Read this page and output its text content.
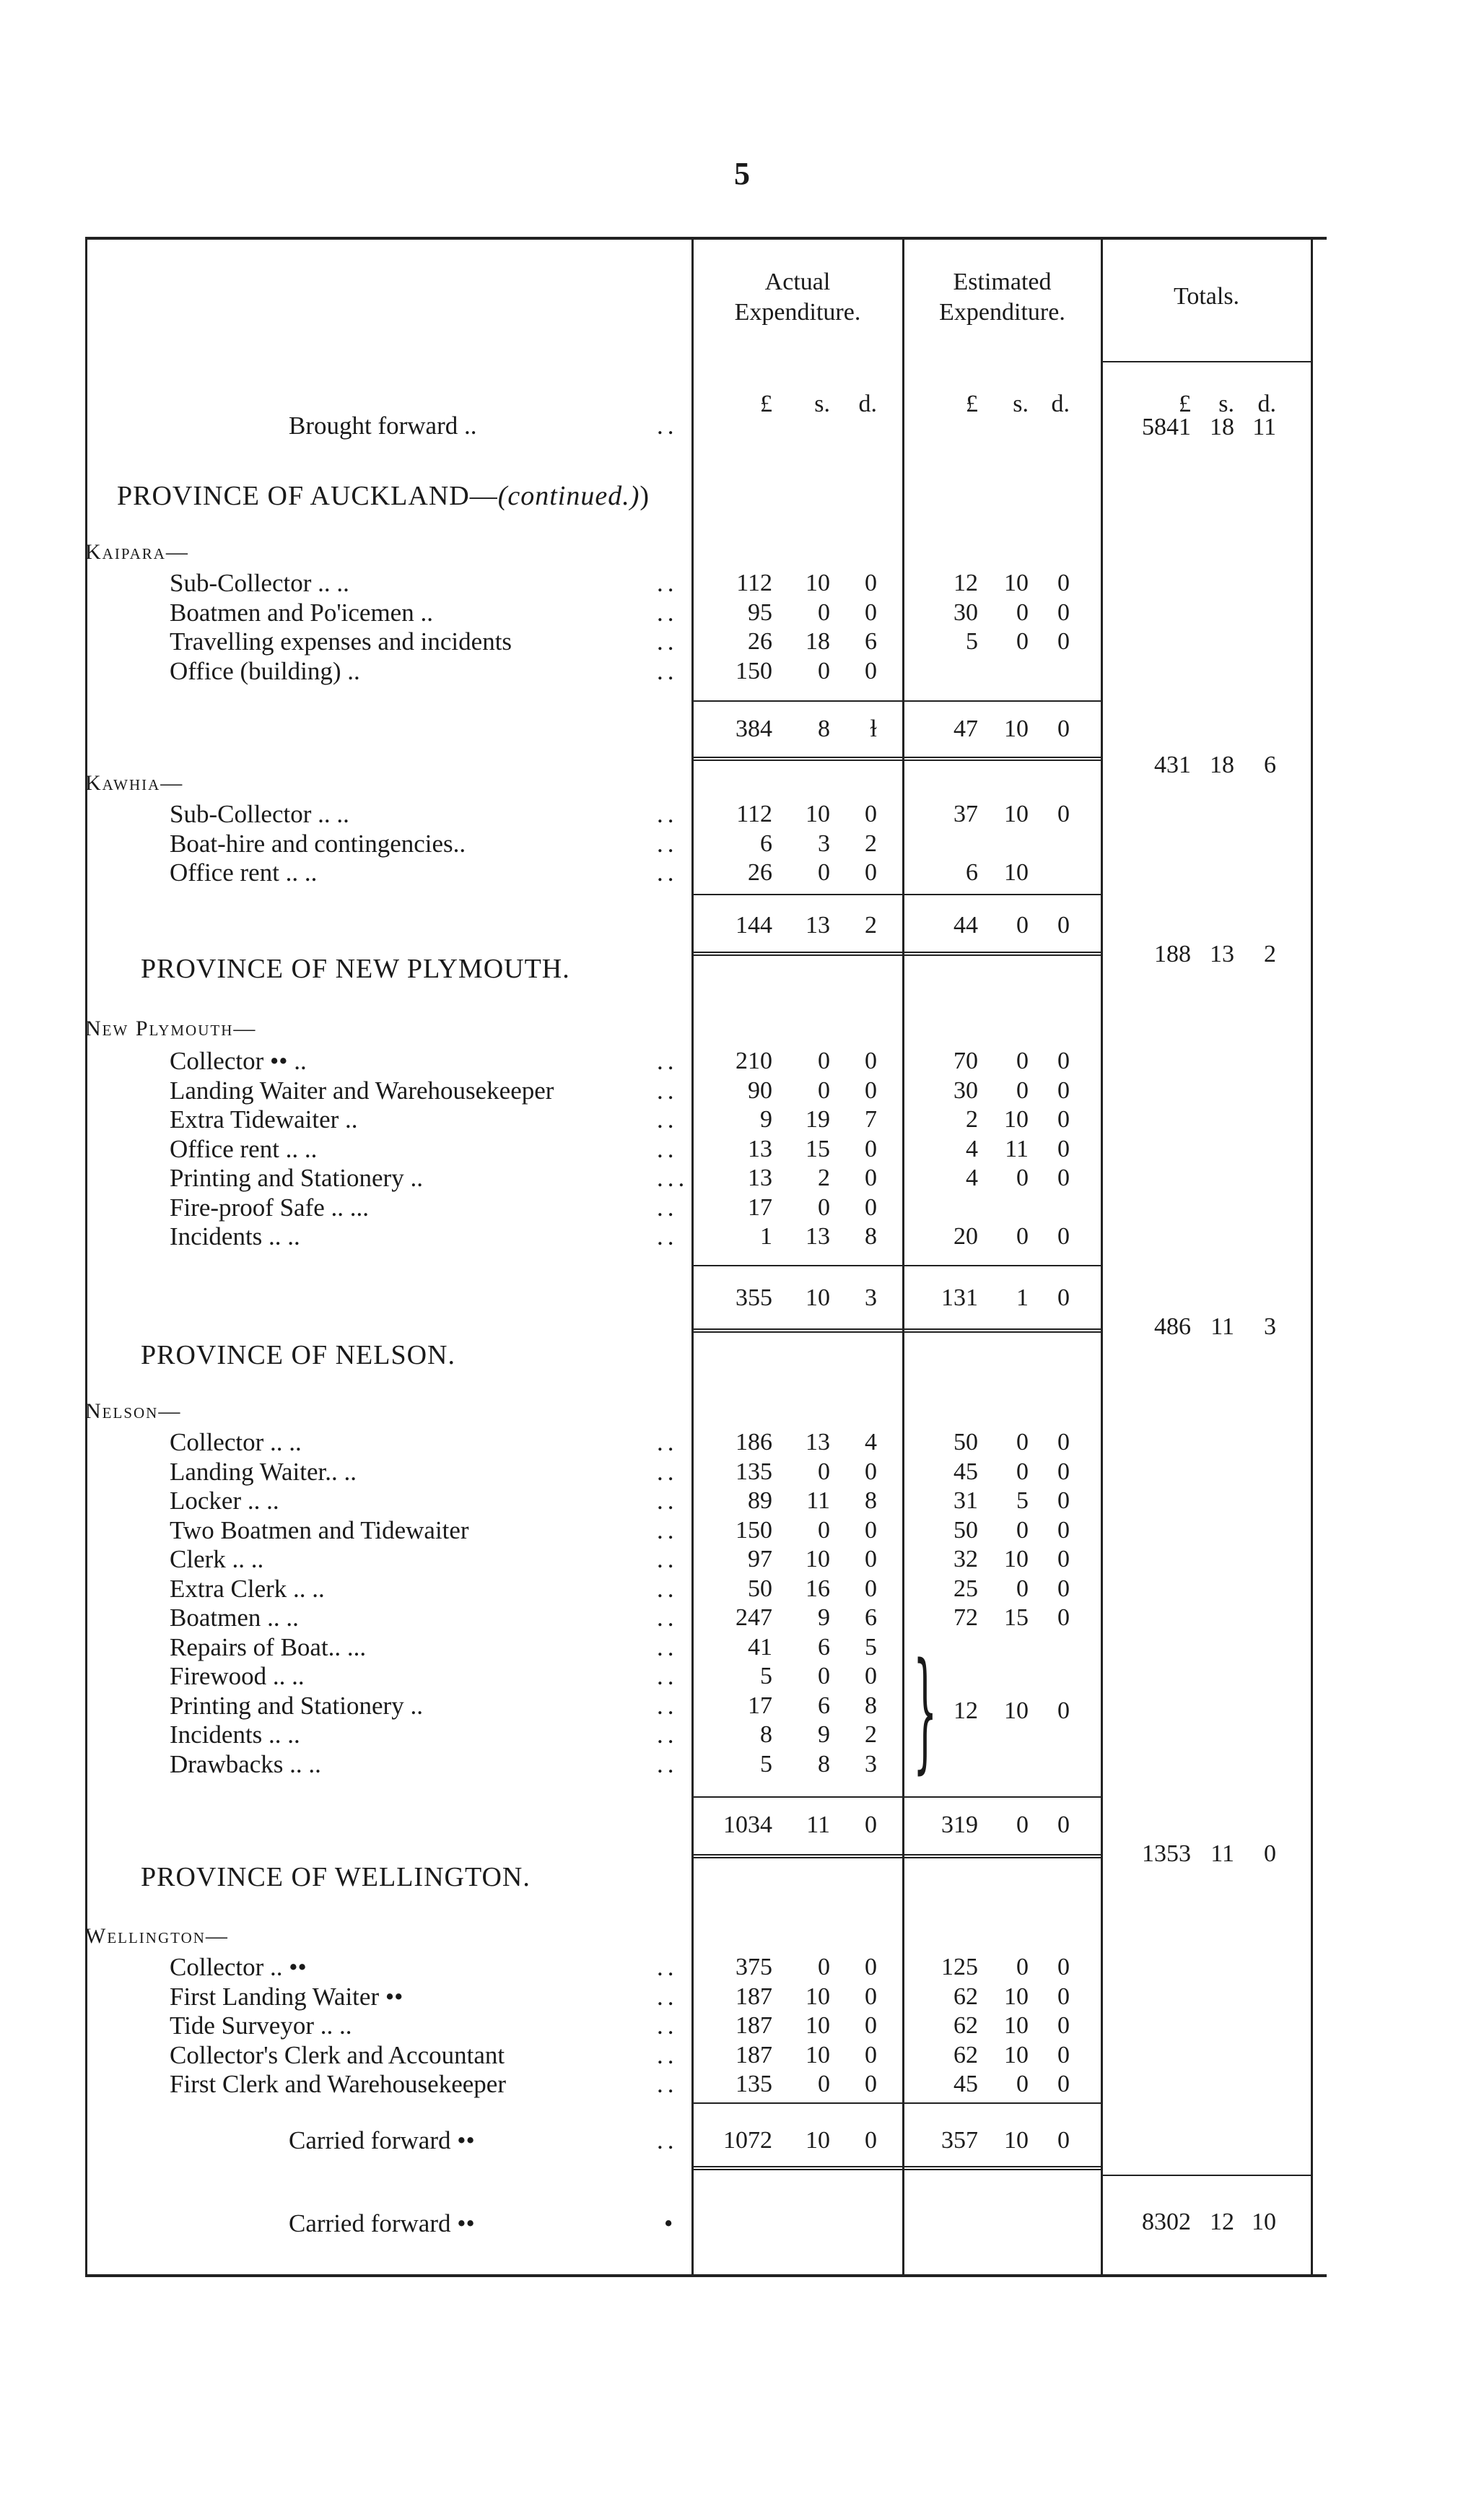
5
Actual
Expenditure.
Estimated
Expenditure.
Totals.
£	s.	d.	£	s. d.	£	s. d.
Brought forward ..	..	5841 18 11
PROVINCE OF AUCKLAND—(continued.))
Kaipara—
Sub-Collector .. ..	..	112	10	0	12	10	0
Boatmen and Po'icemen ..	..	95	0	0	30	0	0
Travelling expenses and incidents	..	26	18	6	5	0	0
Office (building) ..	..	150	0	0
384	8	ɫ	47	10	0
431 18	6
Kawhia—
Sub-Collector .. ..	..	112	10	0	37	10	0
Boat-hire and contingencies..	..	6	3	2
Office rent .. ..	..	26	0	0	6	10
144	13	2	44	0	0
188 13	2
PROVINCE OF NEW PLYMOUTH.
New Plymouth—
Collector •• ..	..	210	0	0	70	0	0
Landing Waiter and Warehousekeeper	..	90	0	0	30	0	0
Extra Tidewaiter ..	..	9	19	7	2	10	0
Office rent .. ..	..	13	15	0	4	11	0
Printing and Stationery ..	...	13	2	0	4	0	0
Fire-proof Safe .. ...	..	17	0	0
Incidents .. ..	..	1	13	8	20	0	0
355	10	3	131	1	0
486 11	3
PROVINCE OF NELSON.
Nelson—
Collector .. ..	..	186	13	4	50	0	0
Landing Waiter.. ..	..	135	0	0	45	0	0
Locker .. ..	..	89	11	8	31	5	0
Two Boatmen and Tidewaiter	..	150	0	0	50	0	0
Clerk .. ..	..	97	10	0	32	10	0
Extra Clerk .. ..	..	50	16	0	25	0	0
Boatmen .. ..	..	247	9	6	72	15	0
Repairs of Boat.. ...	..	41	6	5
Firewood .. ..	..	5	0	0
Printing and Stationery ..	..	17	6	8
Incidents .. ..	..	8	9	2
Drawbacks .. ..	..	5	8	3 } 12	10	0
1034	11	0	319	0	0
1353 11	0
PROVINCE OF WELLINGTON.
Wellington—
Collector .. ••	..	375	0	0	125	0	0
First Landing Waiter ••	..	187	10	0	62	10	0
Tide Surveyor .. ..	..	187	10	0	62	10	0
Collector's Clerk and Accountant	..	187	10	0	62	10	0
First Clerk and Warehousekeeper	..	135	0	0	45	0	0
Carried forward ••	..	1072	10	0	357	10	0
Carried forward ••	•	8302 12 10
